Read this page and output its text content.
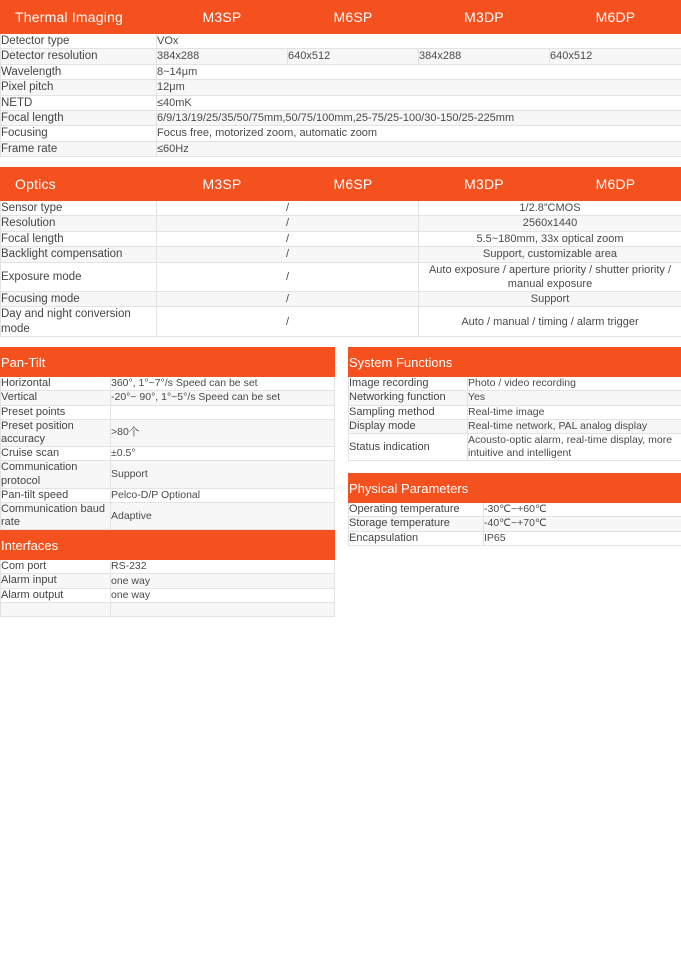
Thermal Imaging	M3SP	M6SP	M3DP	M6DP
Detector type	VOx			
Detector resolution	384x288	640x512	384x288	640x512
Wavelength	8~14μm			
Pixel pitch	12μm			
NETD	≤40mK			
Focal length	6/9/13/19/25/35/50/75mm,50/75/100mm,25-75/25-100/30-150/25-225mm			
Focusing	Focus free, motorized zoom, automatic zoom			
Frame rate	≤60Hz			
Optics	M3SP	M6SP	M3DP	M6DP
Sensor type	/		1/2.8”CMOS	
Resolution	/		2560x1440	
Focal length	/		5.5~180mm, 33x optical zoom	
Backlight compensation	/		Support, customizable area	
Exposure mode	/		Auto exposure / aperture priority / shutter priority / manual exposure	
Focusing mode	/		Support	
Day and night conversion mode	/		Auto / manual / timing / alarm trigger	
Pan-Tilt	
Horizontal	360°, 1°~7°/s Speed can be set
Vertical	-20°~ 90°, 1°~5°/s Speed can be set
Preset points	
Preset position accuracy	>80个
Cruise scan	±0.5°
Communication protocol	Support
Pan-tilt speed	Pelco-D/P Optional
Communication baud rate	Adaptive
Interfaces	
Com port	RS-232
Alarm input	one way
Alarm output	one way

System Functions	
Image recording	Photo / video recording
Networking function	Yes
Sampling method	Real-time image
Display mode	Real-time network, PAL analog display
Status indication	Acousto-optic alarm, real-time display, more intuitive and intelligent
Physical Parameters	
Operating temperature	-30℃~+60℃
Storage temperature	-40℃~+70℃
Encapsulation	IP65
